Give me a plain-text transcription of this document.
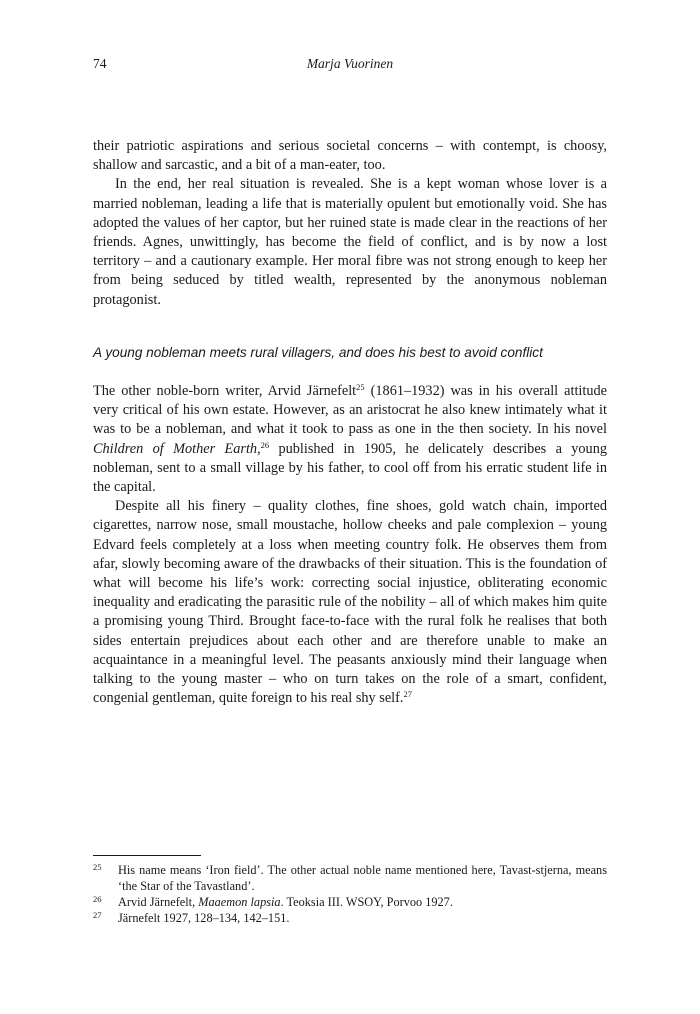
74	Marja Vuorinen

their patriotic aspirations and serious societal concerns – with contempt, is choosy, shallow and sarcastic, and a bit of a man-eater, too.

In the end, her real situation is revealed. She is a kept woman whose lover is a married nobleman, leading a life that is materially opulent but emotionally void. She has adopted the values of her captor, but her ruined state is made clear in the reactions of her friends. Agnes, unwittingly, has become the field of conflict, and is by now a lost territory – and a cautionary example. Her moral fibre was not strong enough to keep her from being seduced by titled wealth, represented by the anonymous nobleman protagonist.

A young nobleman meets rural villagers, and does his best to avoid conflict

The other noble-born writer, Arvid Järnefelt$^{25}$ (1861–1932) was in his overall attitude very critical of his own estate. However, as an aristocrat he also knew intimately what it was to be a nobleman, and what it took to pass as one in the then society. In his novel Children of Mother Earth,$^{26}$ published in 1905, he delicately describes a young nobleman, sent to a small village by his father, to cool off from his erratic student life in the capital.

Despite all his finery – quality clothes, fine shoes, gold watch chain, imported cigarettes, narrow nose, small moustache, hollow cheeks and pale complexion – young Edvard feels completely at a loss when meeting country folk. He observes them from afar, slowly becoming aware of the drawbacks of their situation. This is the foundation of what will become his life’s work: correcting social injustice, obliterating economic inequality and eradicating the parasitic rule of the nobility – all of which makes him quite a promising young Third. Brought face-to-face with the rural folk he realises that both sides entertain prejudices about each other and are therefore unable to make an acquaintance in a meaningful level. The peasants anxiously mind their language when talking to the young master – who on turn takes on the role of a smart, confident, congenial gentleman, quite foreign to his real shy self.$^{27}$

25 His name means ‘Iron field’. The other actual noble name mentioned here, Tavast-stjerna, means ‘the Star of the Tavastland’.
26 Arvid Järnefelt, Maaemon lapsia. Teoksia III. WSOY, Porvoo 1927.
27 Järnefelt 1927, 128–134, 142–151.
